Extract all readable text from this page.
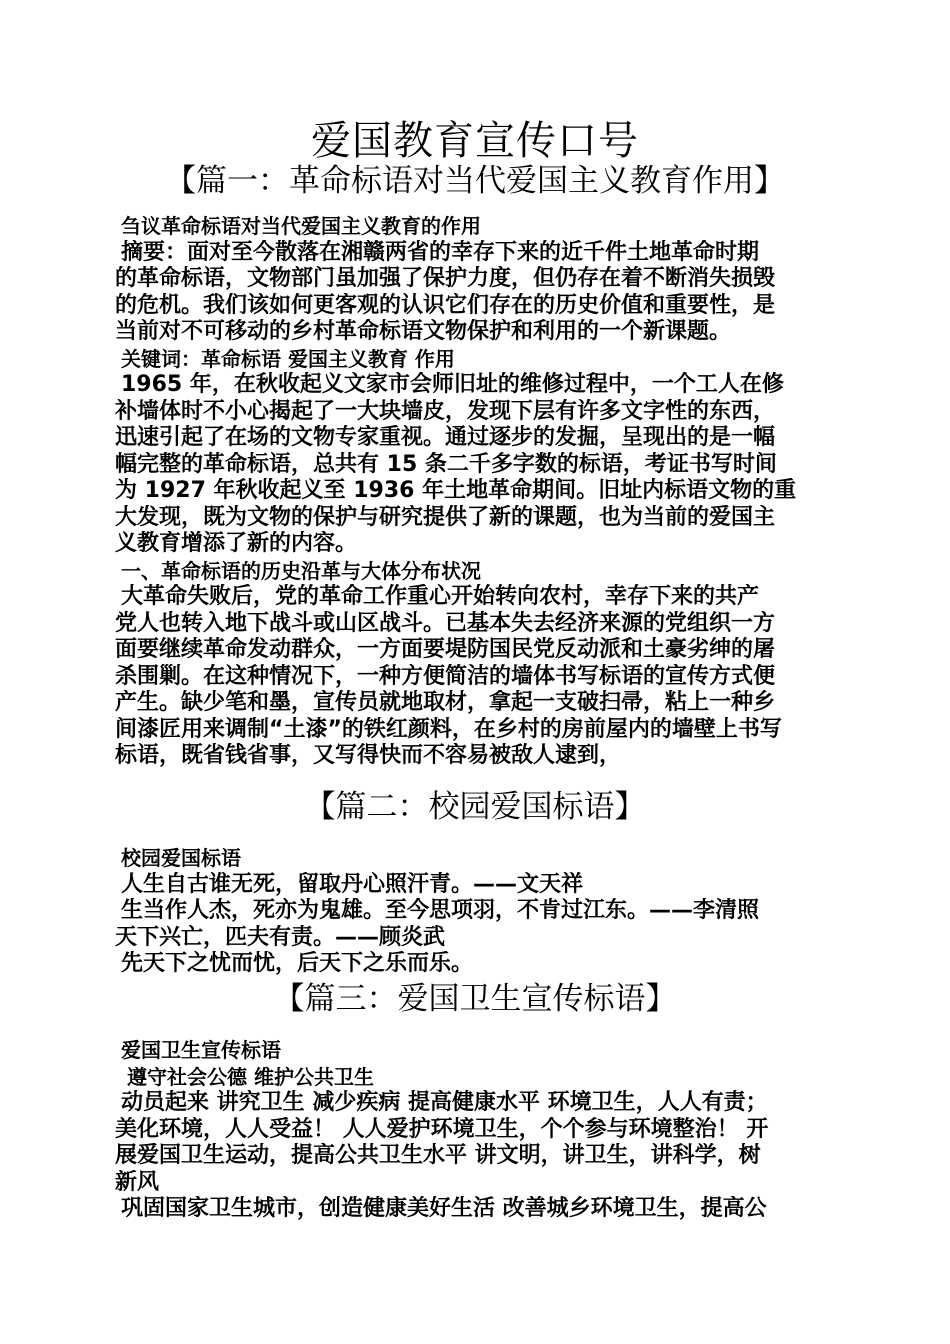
爱国教育宣传口号
【篇一：革命标语对当代爱国主义教育作用】
刍议革命标语对当代爱国主义教育的作用
摘要：面对至今散落在湘赣两省的幸存下来的近千件土地革命时期
的革命标语，文物部门虽加强了保护力度，但仍存在着不断消失损毁
的危机。我们该如何更客观的认识它们存在的历史价值和重要性，是
当前对不可移动的乡村革命标语文物保护和利用的一个新课题。
关键词：革命标语 爱国主义教育 作用
1965 年，在秋收起义文家市会师旧址的维修过程中，一个工人在修
补墙体时不小心揭起了一大块墙皮，发现下层有许多文字性的东西，
迅速引起了在场的文物专家重视。通过逐步的发掘，呈现出的是一幅
幅完整的革命标语，总共有 15 条二千多字数的标语，考证书写时间
为 1927 年秋收起义至 1936 年土地革命期间。旧址内标语文物的重
大发现，既为文物的保护与研究提供了新的课题，也为当前的爱国主
义教育增添了新的内容。
一、革命标语的历史沿革与大体分布状况
大革命失败后，党的革命工作重心开始转向农村，幸存下来的共产
党人也转入地下战斗或山区战斗。已基本失去经济来源的党组织一方
面要继续革命发动群众，一方面要堤防国民党反动派和土豪劣绅的屠
杀围剿。在这种情况下，一种方便简洁的墙体书写标语的宣传方式便
产生。缺少笔和墨，宣传员就地取材，拿起一支破扫帚，粘上一种乡
间漆匠用来调制“土漆”的铁红颜料，在乡村的房前屋内的墙壁上书写
标语，既省钱省事，又写得快而不容易被敌人逮到，
【篇二：校园爱国标语】
校园爱国标语
人生自古谁无死，留取丹心照汗青。——文天祥
生当作人杰，死亦为鬼雄。至今思项羽，不肯过江东。——李清照
天下兴亡，匹夫有责。——顾炎武
先天下之忧而忧，后天下之乐而乐。
【篇三：爱国卫生宣传标语】
爱国卫生宣传标语
遵守社会公德 维护公共卫生
动员起来 讲究卫生 减少疾病 提高健康水平 环境卫生，人人有责；
美化环境，人人受益！ 人人爱护环境卫生，个个参与环境整治！ 开
展爱国卫生运动，提高公共卫生水平 讲文明，讲卫生，讲科学，树
新风
巩固国家卫生城市，创造健康美好生活 改善城乡环境卫生，提高公
